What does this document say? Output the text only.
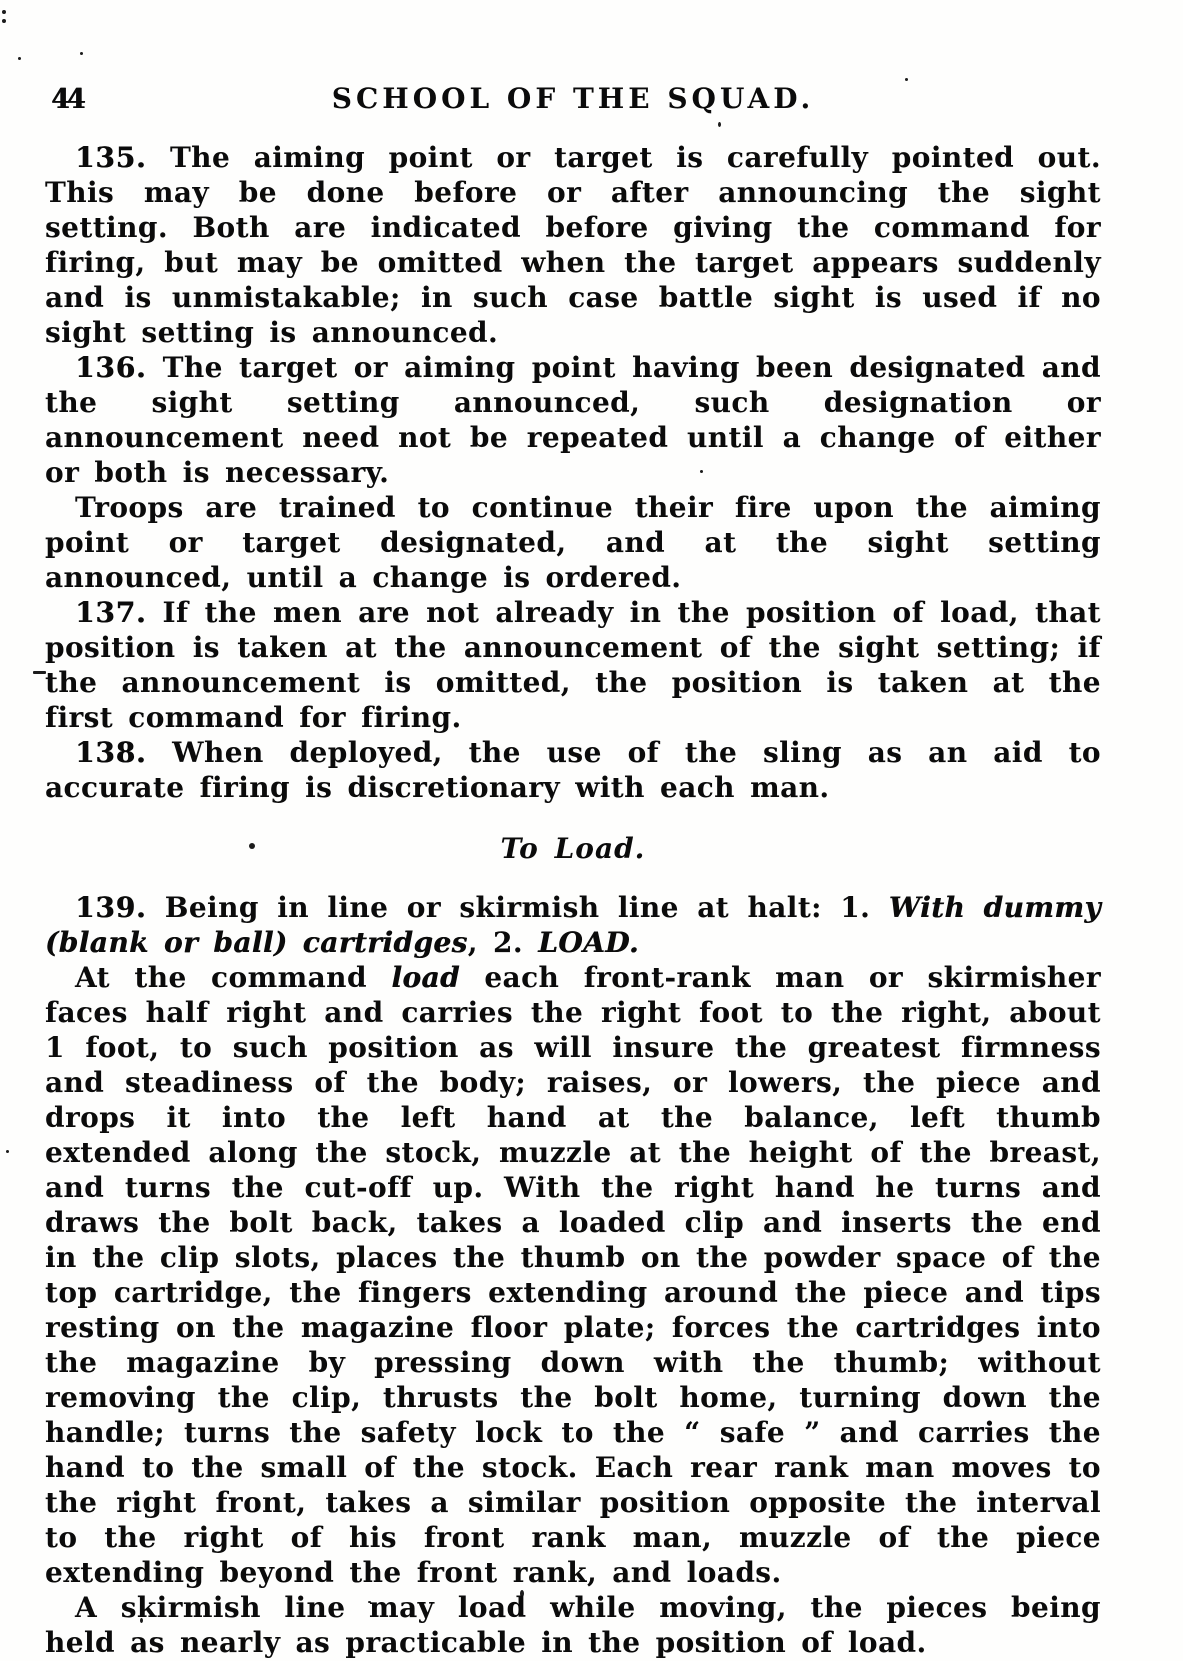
44	SCHOOL OF THE SQUAD.

135. The aiming point or target is carefully pointed out. This may be done before or after announcing the sight setting. Both are indicated before giving the command for firing, but may be omitted when the target appears suddenly and is unmistakable; in such case battle sight is used if no sight setting is announced.

136. The target or aiming point having been designated and the sight setting announced, such designation or announcement need not be repeated until a change of either or both is necessary.

Troops are trained to continue their fire upon the aiming point or target designated, and at the sight setting announced, until a change is ordered.

137. If the men are not already in the position of load, that position is taken at the announcement of the sight setting; if the announcement is omitted, the position is taken at the first command for firing.

138. When deployed, the use of the sling as an aid to accurate firing is discretionary with each man.

To Load.

139. Being in line or skirmish line at halt: 1. With dummy (blank or ball) cartridges, 2. LOAD.

At the command load each front-rank man or skirmisher faces half right and carries the right foot to the right, about 1 foot, to such position as will insure the greatest firmness and steadiness of the body; raises, or lowers, the piece and drops it into the left hand at the balance, left thumb extended along the stock, muzzle at the height of the breast, and turns the cut-off up. With the right hand he turns and draws the bolt back, takes a loaded clip and inserts the end in the clip slots, places the thumb on the powder space of the top cartridge, the fingers extending around the piece and tips resting on the magazine floor plate; forces the cartridges into the magazine by pressing down with the thumb; without removing the clip, thrusts the bolt home, turning down the handle; turns the safety lock to the “ safe ” and carries the hand to the small of the stock. Each rear rank man moves to the right front, takes a similar position opposite the interval to the right of his front rank man, muzzle of the piece extending beyond the front rank, and loads.

A skirmish line may load while moving, the pieces being held as nearly as practicable in the position of load.
